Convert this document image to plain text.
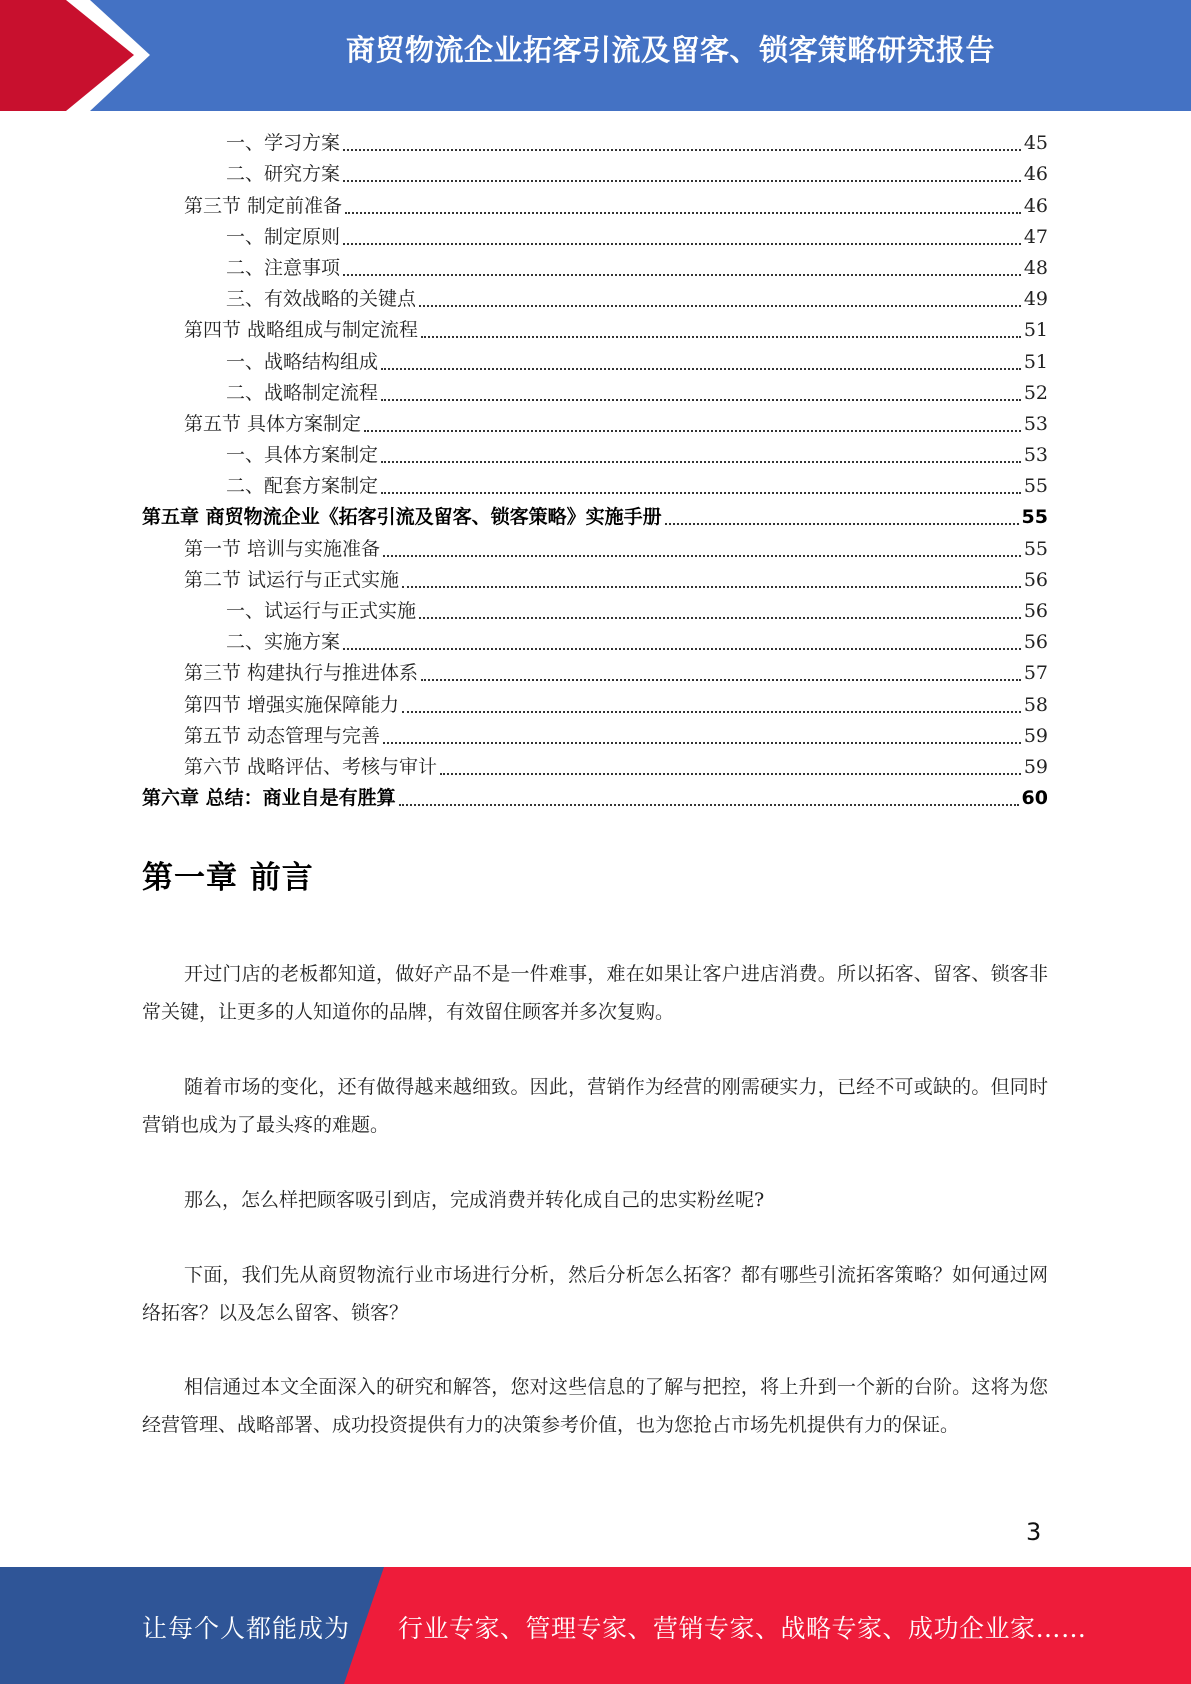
商贸物流企业拓客引流及留客、锁客策略研究报告
一、学习方案	45
二、研究方案	46
第三节 制定前准备	46
一、制定原则	47
二、注意事项	48
三、有效战略的关键点	49
第四节 战略组成与制定流程	51
一、战略结构组成	51
二、战略制定流程	52
第五节 具体方案制定	53
一、具体方案制定	53
二、配套方案制定	55
第五章 商贸物流企业《拓客引流及留客、锁客策略》实施手册	55
第一节 培训与实施准备	55
第二节 试运行与正式实施	56
一、试运行与正式实施	56
二、实施方案	56
第三节 构建执行与推进体系	57
第四节 增强实施保障能力	58
第五节 动态管理与完善	59
第六节 战略评估、考核与审计	59
第六章 总结：商业自是有胜算	60
第一章 前言

开过门店的老板都知道，做好产品不是一件难事，难在如果让客户进店消费。所以拓客、留客、锁客非常关键，让更多的人知道你的品牌，有效留住顾客并多次复购。

随着市场的变化，还有做得越来越细致。因此，营销作为经营的刚需硬实力，已经不可或缺的。但同时营销也成为了最头疼的难题。

那么，怎么样把顾客吸引到店，完成消费并转化成自己的忠实粉丝呢?

下面，我们先从商贸物流行业市场进行分析，然后分析怎么拓客？都有哪些引流拓客策略？如何通过网络拓客？以及怎么留客、锁客？

相信通过本文全面深入的研究和解答，您对这些信息的了解与把控，将上升到一个新的台阶。这将为您经营管理、战略部署、成功投资提供有力的决策参考价值，也为您抢占市场先机提供有力的保证。

3
让每个人都能成为 行业专家、管理专家、营销专家、战略专家、成功企业家……
